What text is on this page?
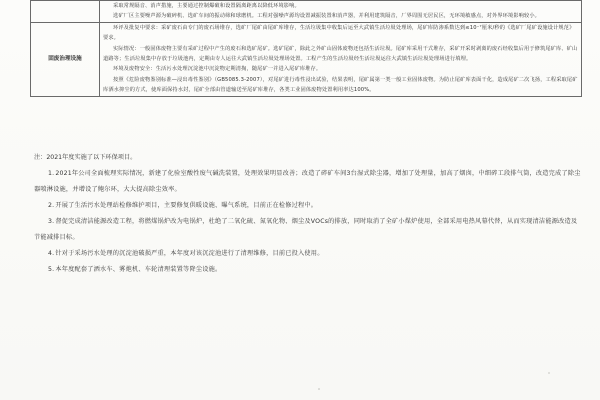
	采取常规隔音、消声措施，主要通过控制爆破和设置隔离距离以降低环境影响。

选矿厂区主要噪声源为破碎机、选矿车间的振动筛和球磨机。工程对强噪声源均设置减振装置和消声器，并利用建筑隔音，厂界周围无居民区，无环境敏感点，对外界环境影响较小。

固废治理设施	环评及批复中要求：采矿废石由专门的废石场堆存，选矿厂尾矿由尾矿库堆存，生活垃圾集中收集后运至大武镇生活垃圾处理场，尾矿库防渗系数达到≤10⁻⁷厘米/秒的《选矿厂尾矿设施设计规范》要求。

实际情况：一般固体废物主要有采矿过程中产生的废石和选矿尾矿。选矿尾矿，除此之外矿山固体废物还包括生活垃圾。尾矿库采用干式堆存，采矿开采时剥离的废石经收集后用于修筑尾矿库、矿山道路等；生活垃圾集中存放于垃圾池内，定期由专人运往大武镇生活垃圾处理场处置。工程产生的生活垃圾经生活垃圾运往大武镇生活垃圾处理场进行填埋。

环境及废物安全：生活污水处理沉淀池中沉淀物定期清掏，随尾矿一并进入尾矿库堆存。

按照《危险废物鉴别标准—浸出毒性鉴别》（GB5085.3-2007），对尾矿进行毒性浸出试验，结果表明，尾矿属第一类一般工业固体废物。为防止尾矿库表面干化，造成尾矿二次飞扬，工程采取尾矿库洒水抑尘的方式，使库面保持水封，尾矿全部由管道输送至尾矿库堆存，各类工业固体废物处置利用率达100%。

注：2021年度实施了以下环保项目。

1.2021年公司全面梳理实际情况，新建了化验室酸性废气碱洗装置，处理效果明显改善；改造了碎矿车间3台湿式除尘器，增加了处理量，加高了烟囱，中细碎工段排气筒，改造完成了除尘器喷淋设施，并增设了鲍尔环，大大提高除尘效率。

2.开展了生活污水处理站检修维护项目，主要修复供暖设施、曝气系统，目前正在检修过程中。

3.督促完成清洁能源改造工程，将燃煤锅炉改为电锅炉，杜绝了二氧化硫、氮氧化物、烟尘及VOCs的排放，同时取消了全矿小煤炉使用，全部采用电热风幕代替，从而实现清洁能源改造及节能减排目标。

4.针对于采场污水处理的沉淀池破损严重，本年度对该沉淀池进行了清理维修，目前已投入使用。

5.本年度配套了洒水车、雾炮机、车轮清理装置等降尘设施。
